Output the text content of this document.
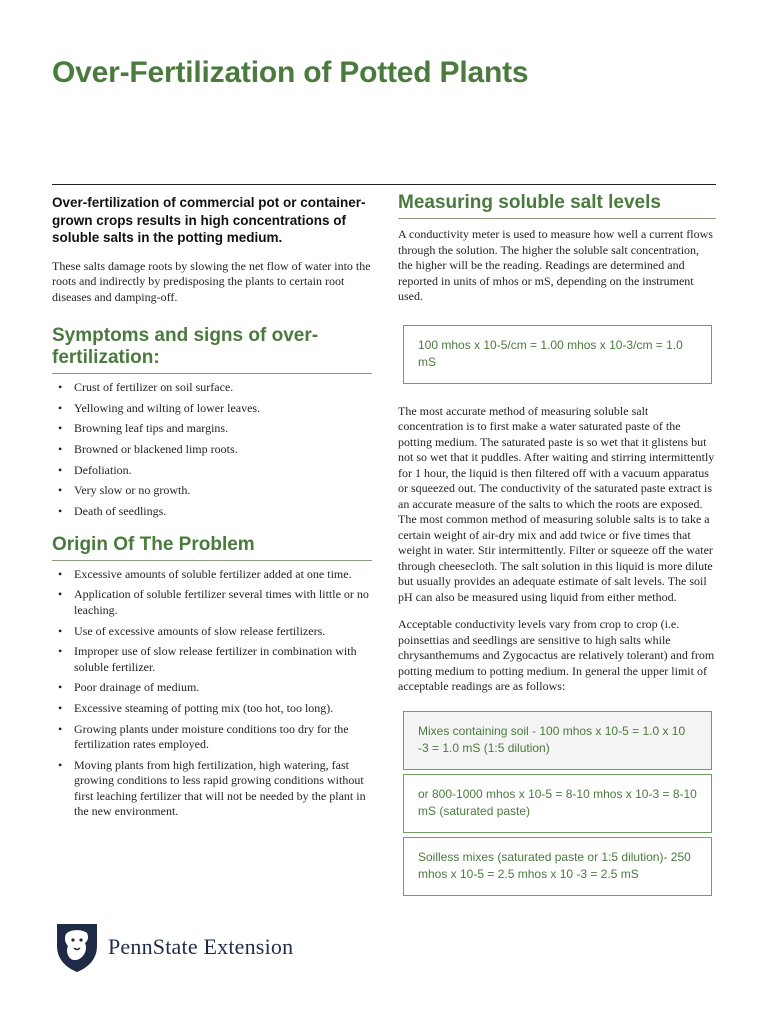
Over-Fertilization of Potted Plants

Over-fertilization of commercial pot or container-grown crops results in high concentrations of soluble salts in the potting medium.

These salts damage roots by slowing the net flow of water into the roots and indirectly by predisposing the plants to certain root diseases and damping-off.

Symptoms and signs of over-fertilization:
• Crust of fertilizer on soil surface.
• Yellowing and wilting of lower leaves.
• Browning leaf tips and margins.
• Browned or blackened limp roots.
• Defoliation.
• Very slow or no growth.
• Death of seedlings.
Origin Of The Problem
• Excessive amounts of soluble fertilizer added at one time.
• Application of soluble fertilizer several times with little or no leaching.
• Use of excessive amounts of slow release fertilizers.
• Improper use of slow release fertilizer in combination with soluble fertilizer.
• Poor drainage of medium.
• Excessive steaming of potting mix (too hot, too long).
• Growing plants under moisture conditions too dry for the fertilization rates employed.
• Moving plants from high fertilization, high watering, fast growing conditions to less rapid growing conditions without first leaching fertilizer that will not be needed by the plant in the new environment.
Measuring soluble salt levels

A conductivity meter is used to measure how well a current flows through the solution. The higher the soluble salt concentration, the higher will be the reading. Readings are determined and reported in units of mhos or mS, depending on the instrument used.

100 mhos x 10-5/cm = 1.00 mhos x 10-3/cm = 1.0 mS

The most accurate method of measuring soluble salt concentration is to first make a water saturated paste of the potting medium. The saturated paste is so wet that it glistens but not so wet that it puddles. After waiting and stirring intermittently for 1 hour, the liquid is then filtered off with a vacuum apparatus or squeezed out. The conductivity of the saturated paste extract is an accurate measure of the salts to which the roots are exposed. The most common method of measuring soluble salts is to take a certain weight of air-dry mix and add twice or five times that weight in water. Stir intermittently. Filter or squeeze off the water through cheesecloth. The salt solution in this liquid is more dilute but usually provides an adequate estimate of salt levels. The soil pH can also be measured using liquid from either method.

Acceptable conductivity levels vary from crop to crop (i.e. poinsettias and seedlings are sensitive to high salts while chrysanthemums and Zygocactus are relatively tolerant) and from potting medium to potting medium. In general the upper limit of acceptable readings are as follows:

Mixes containing soil - 100 mhos x 10-5 = 1.0 x 10 -3 = 1.0 mS (1:5 dilution)
or 800-1000 mhos x 10-5 = 8-10 mhos x 10-3 = 8-10 mS (saturated paste)
Soilless mixes (saturated paste or 1:5 dilution)- 250 mhos x 10-5 = 2.5 mhos x 10 -3 = 2.5 mS
PennState Extension
